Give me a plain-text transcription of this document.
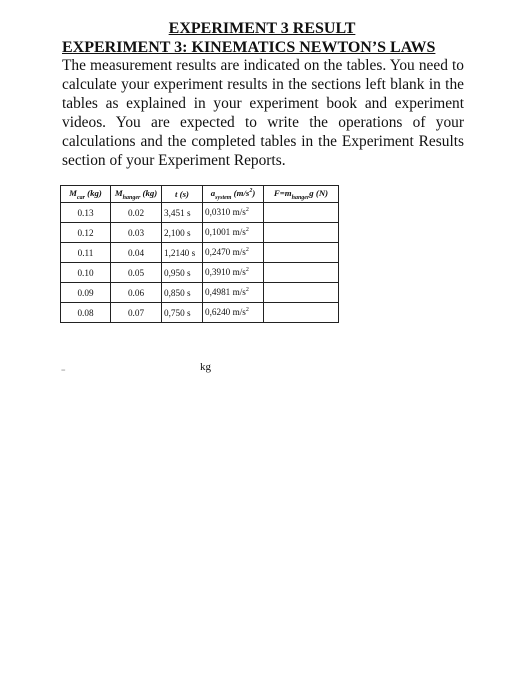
EXPERIMENT 3 RESULT
EXPERIMENT 3: KINEMATICS NEWTON’S LAWS
The measurement results are indicated on the tables. You need to calculate your experiment results in the sections left blank in the tables as explained in your experiment book and experiment videos. You are expected to write the operations of your calculations and the completed tables in the Experiment Results section of your Experiment Reports.
$M_{car}$ (kg)	$M_{hanger}$ (kg)	t (s)	$a_{system}$ $(m/s^2)$	$F=m_{hanger}g$ (N)
0.13	0.02	3,451 s	0,0310 $m/s^2$	
0.12	0.03	2,100 s	0,1001 $m/s^2$	
0.11	0.04	1,2140 s	0,2470 $m/s^2$	
0.10	0.05	0,950 s	0,3910 $m/s^2$	
0.09	0.06	0,850 s	0,4981 $m/s^2$	
0.08	0.07	0,750 s	0,6240 $m/s^2$	
=	kg
